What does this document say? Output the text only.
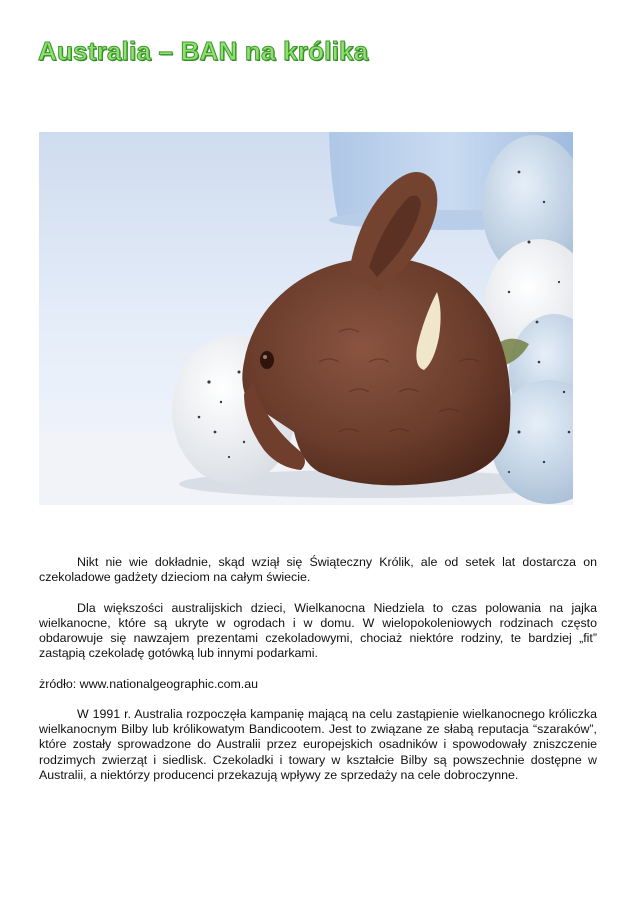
Australia – BAN na królika

Nikt nie wie dokładnie, skąd wziął się Świąteczny Królik, ale od setek lat dostarcza on czekoladowe gadżety dzieciom na całym świecie.

Dla większości australijskich dzieci, Wielkanocna Niedziela to czas polowania na jajka wielkanocne, które są ukryte w ogrodach i w domu. W wielopokoleniowych rodzinach często obdarowuje się nawzajem prezentami czekoladowymi, chociaż niektóre rodziny, te bardziej „fit” zastąpią czekoladę gotówką lub innymi podarkami.

żródło: www.nationalgeographic.com.au

W 1991 r. Australia rozpoczęła kampanię mającą na celu zastąpienie wielkanocnego króliczka wielkanocnym Bilby lub królikowatym Bandicootem. Jest to związane ze słabą reputacja “szaraków”, które zostały sprowadzone do Australii przez europejskich osadników i spowodowały zniszczenie rodzimych zwierząt i siedlisk. Czekoladki i towary w kształcie Bilby są powszechnie dostępne w Australii, a niektórzy producenci przekazują wpływy ze sprzedaży na cele dobroczynne.
